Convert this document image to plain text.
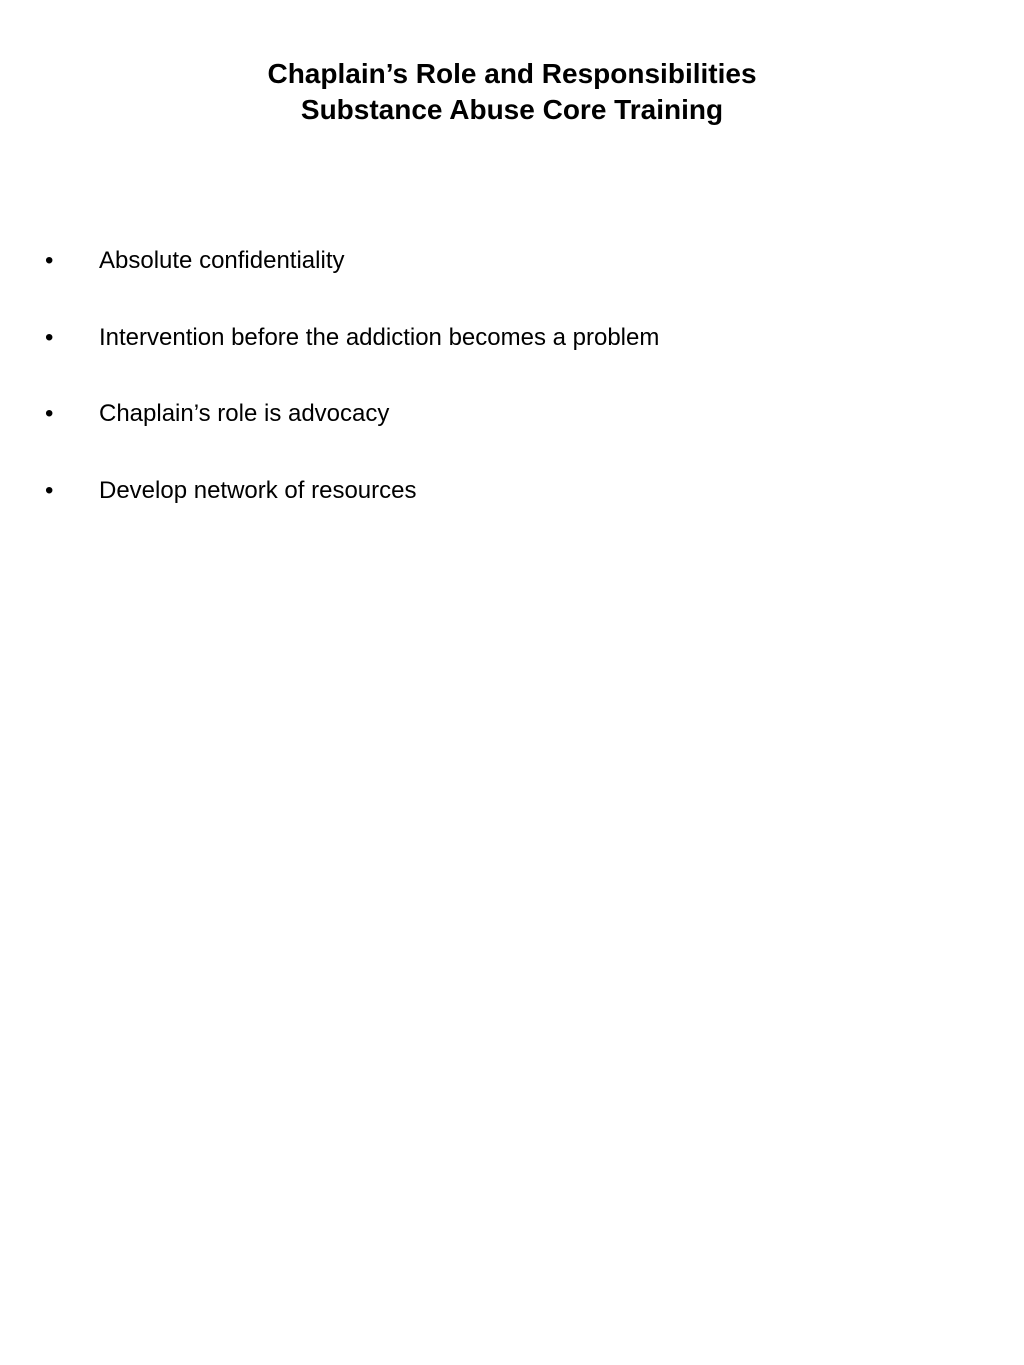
Chaplain’s Role and Responsibilities
Substance Abuse Core Training
•	Absolute confidentiality
•	Intervention before the addiction becomes a problem
•	Chaplain’s role is advocacy
•	Develop network of resources
